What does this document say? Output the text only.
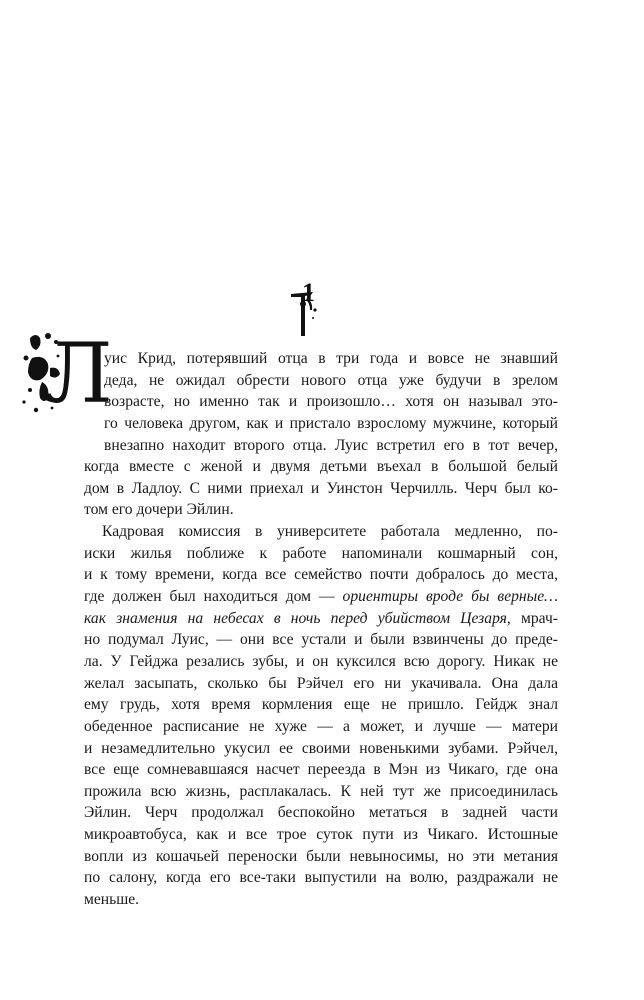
1
Л
уис Крид, потерявший отца в три года и вовсе не знавший
деда, не ожидал обрести нового отца уже будучи в зрелом
возрасте, но именно так и произошло… хотя он называл это-
го человека другом, как и пристало взрослому мужчине, который
внезапно находит второго отца. Луис встретил его в тот вечер,
когда вместе с женой и двумя детьми въехал в большой белый
дом в Ладлоу. С ними приехал и Уинстон Черчилль. Черч был ко-
том его дочери Эйлин.
Кадровая комиссия в университете работала медленно, по-
иски жилья поближе к работе напоминали кошмарный сон,
и к тому времени, когда все семейство почти добралось до места,
где должен был находиться дом — ориентиры вроде бы верные…
как знамения на небесах в ночь перед убийством Цезаря, мрач-
но подумал Луис, — они все устали и были взвинчены до преде-
ла. У Гейджа резались зубы, и он куксился всю дорогу. Никак не
желал засыпать, сколько бы Рэйчел его ни укачивала. Она дала
ему грудь, хотя время кормления еще не пришло. Гейдж знал
обеденное расписание не хуже — а может, и лучше — матери
и незамедлительно укусил ее своими новенькими зубами. Рэйчел,
все еще сомневавшаяся насчет переезда в Мэн из Чикаго, где она
прожила всю жизнь, расплакалась. К ней тут же присоединилась
Эйлин. Черч продолжал беспокойно метаться в задней части
микроавтобуса, как и все трое суток пути из Чикаго. Истошные
вопли из кошачьей переноски были невыносимы, но эти метания
по салону, когда его все-таки выпустили на волю, раздражали не
меньше.
